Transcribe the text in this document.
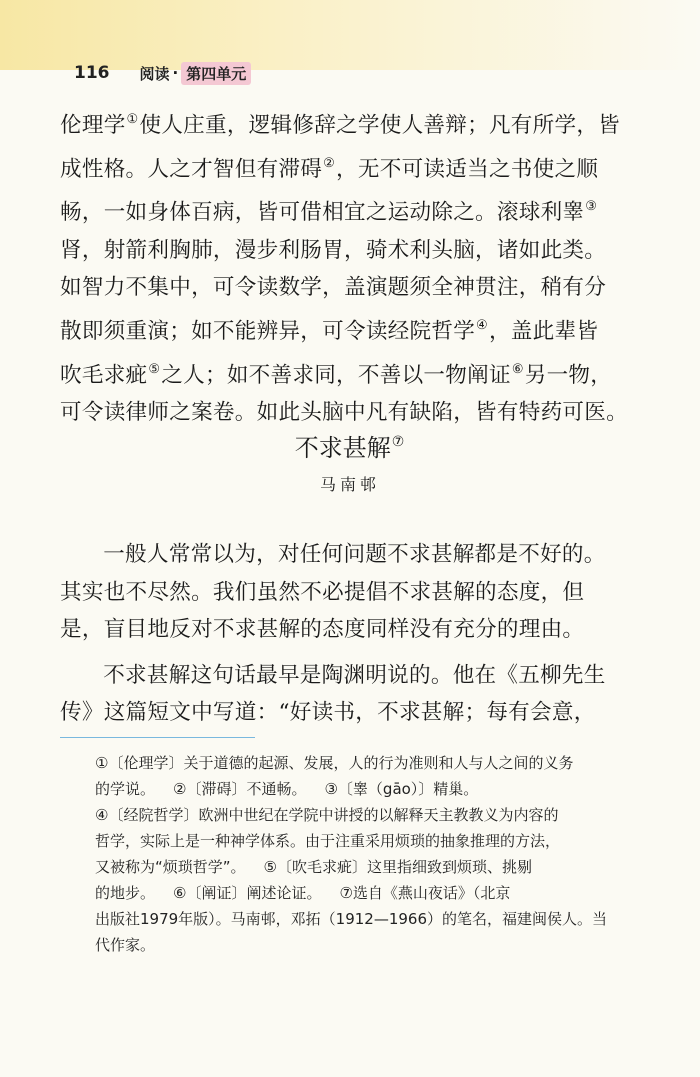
116 阅读 · 第四单元

伦理学①使人庄重，逻辑修辞之学使人善辩；凡有所学，皆

成性格。人之才智但有滞碍②，无不可读适当之书使之顺

畅，一如身体百病，皆可借相宜之运动除之。滚球利睾③

肾，射箭利胸肺，漫步利肠胃，骑术利头脑，诸如此类。

如智力不集中，可令读数学，盖演题须全神贯注，稍有分

散即须重演；如不能辨异，可令读经院哲学④，盖此辈皆

吹毛求疵⑤之人；如不善求同，不善以一物阐证⑥另一物，

可令读律师之案卷。如此头脑中凡有缺陷，皆有特药可医。

不求甚解⑦
马南邨

一般人常常以为，对任何问题不求甚解都是不好的。
其实也不尽然。我们虽然不必提倡不求甚解的态度，但
是，盲目地反对不求甚解的态度同样没有充分的理由。

不求甚解这句话最早是陶渊明说的。他在《五柳先生
传》这篇短文中写道：“好读书，不求甚解；每有会意，

①〔伦理学〕关于道德的起源、发展，人的行为准则和人与人之间的义务
的学说。 ②〔滞碍〕不通畅。 ③〔睾（gāo）〕精巢。
④〔经院哲学〕欧洲中世纪在学院中讲授的以解释天主教教义为内容的
哲学，实际上是一种神学体系。由于注重采用烦琐的抽象推理的方法，
又被称为“烦琐哲学”。 ⑤〔吹毛求疵〕这里指细致到烦琐、挑剔
的地步。 ⑥〔阐证〕阐述论证。 ⑦选自《燕山夜话》（北京
出版社1979年版）。马南邨，邓拓（1912—1966）的笔名，福建闽侯人。当
代作家。
